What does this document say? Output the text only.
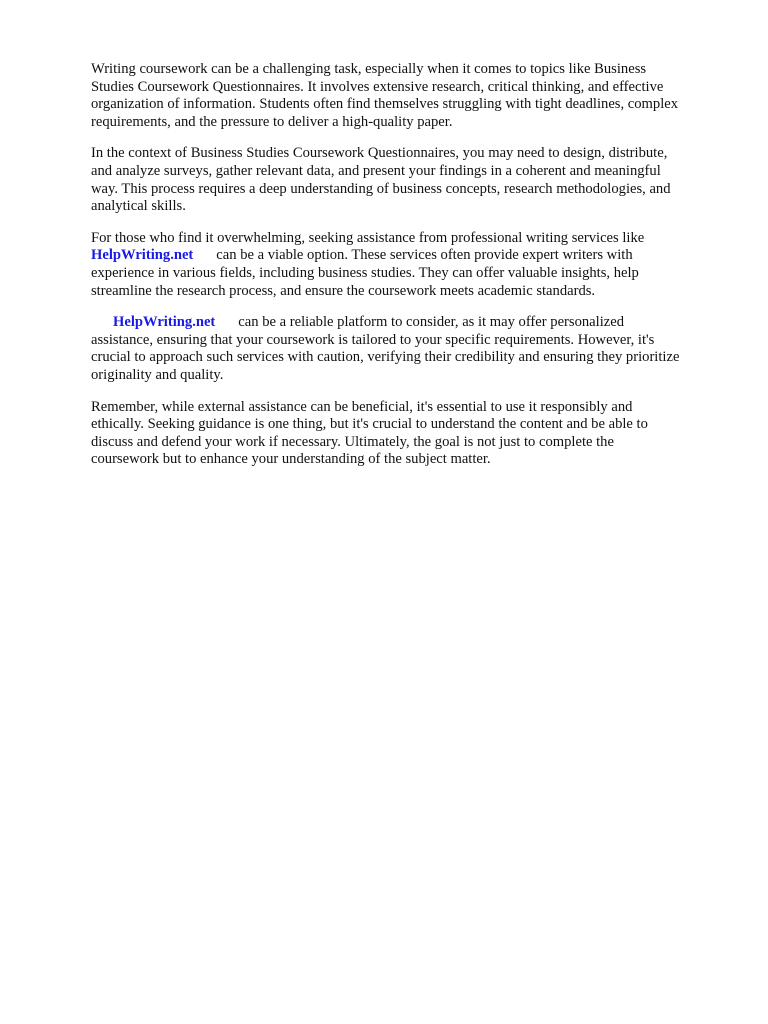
Writing coursework can be a challenging task, especially when it comes to topics like Business
Studies Coursework Questionnaires. It involves extensive research, critical thinking, and effective
organization of information. Students often find themselves struggling with tight deadlines, complex
requirements, and the pressure to deliver a high-quality paper.

In the context of Business Studies Coursework Questionnaires, you may need to design, distribute,
and analyze surveys, gather relevant data, and present your findings in a coherent and meaningful
way. This process requires a deep understanding of business concepts, research methodologies, and
analytical skills.

For those who find it overwhelming, seeking assistance from professional writing services like
HelpWriting.net can be a viable option. These services often provide expert writers with
experience in various fields, including business studies. They can offer valuable insights, help
streamline the research process, and ensure the coursework meets academic standards.

HelpWriting.net can be a reliable platform to consider, as it may offer personalized
assistance, ensuring that your coursework is tailored to your specific requirements. However, it's
crucial to approach such services with caution, verifying their credibility and ensuring they prioritize
originality and quality.

Remember, while external assistance can be beneficial, it's essential to use it responsibly and
ethically. Seeking guidance is one thing, but it's crucial to understand the content and be able to
discuss and defend your work if necessary. Ultimately, the goal is not just to complete the
coursework but to enhance your understanding of the subject matter.
